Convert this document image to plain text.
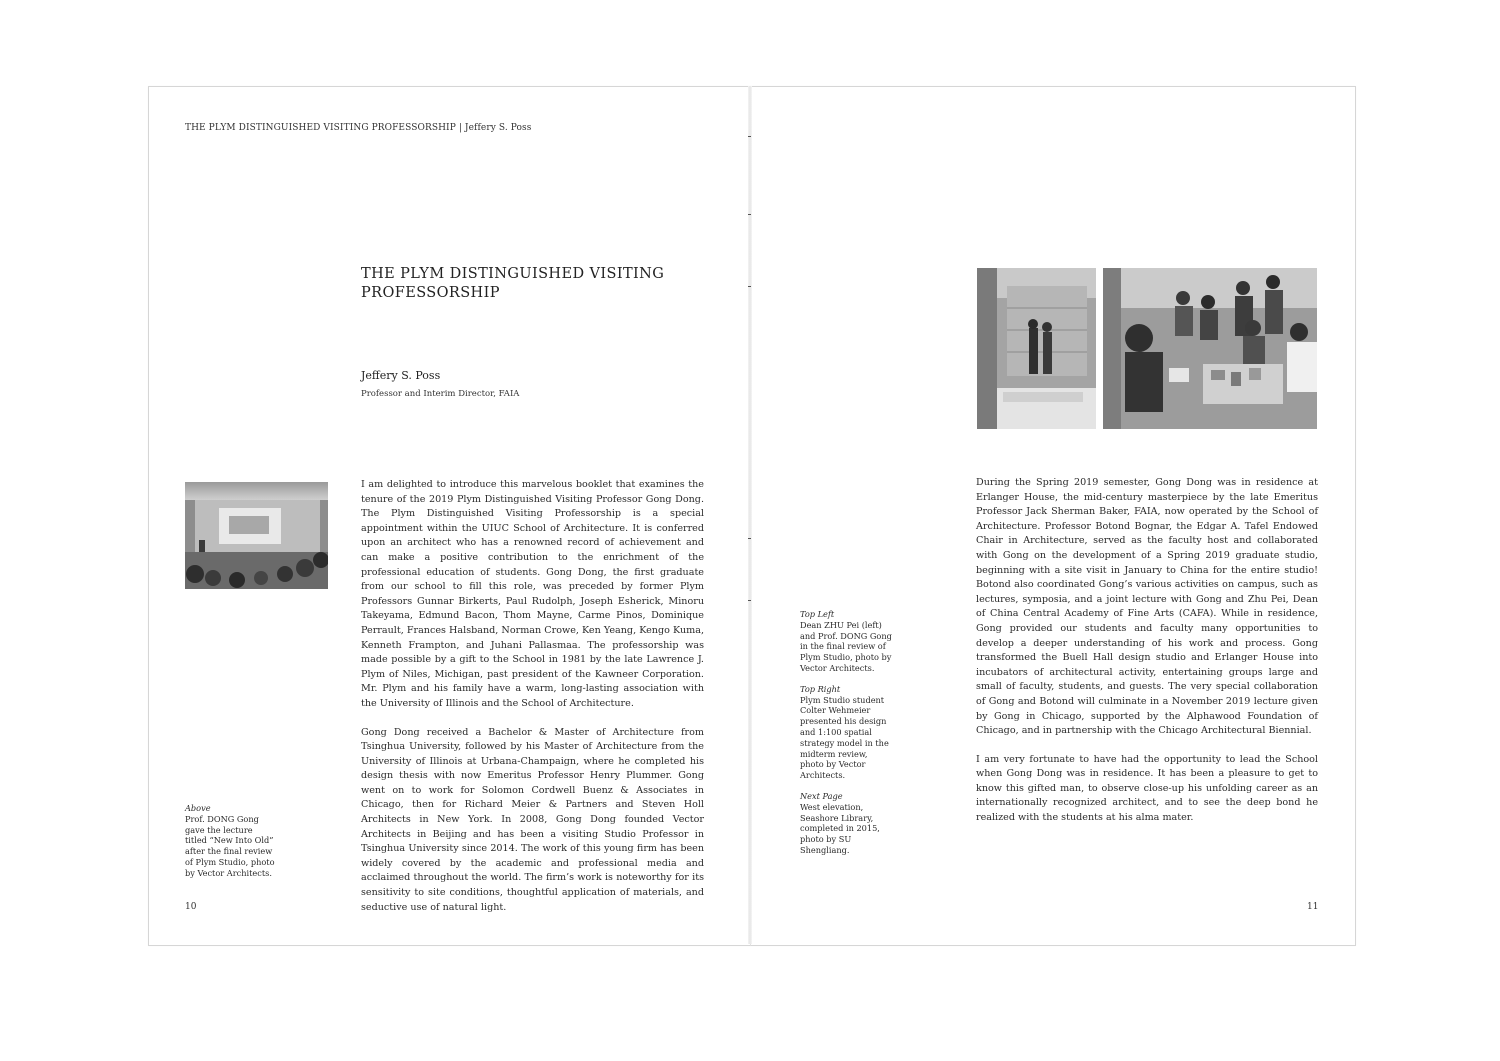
THE PLYM DISTINGUISHED VISITING PROFESSORSHIP | Jeffery S. Poss
THE PLYM DISTINGUISHED VISITING PROFESSORSHIP
Jeffery S. Poss
Professor and Interim Director, FAIA

I am delighted to introduce this marvelous booklet that examines the tenure of the 2019 Plym Distinguished Visiting Professor Gong Dong. The Plym Distinguished Visiting Professorship is a special appointment within the UIUC School of Architecture. It is conferred upon an architect who has a renowned record of achievement and can make a positive contribution to the enrichment of the professional education of students. Gong Dong, the first graduate from our school to fill this role, was preceded by former Plym Professors Gunnar Birkerts, Paul Rudolph, Joseph Esherick, Minoru Takeyama, Edmund Bacon, Thom Mayne, Carme Pinos, Dominique Perrault, Frances Halsband, Norman Crowe, Ken Yeang, Kengo Kuma, Kenneth Frampton, and Juhani Pallasmaa. The professorship was made possible by a gift to the School in 1981 by the late Lawrence J. Plym of Niles, Michigan, past president of the Kawneer Corporation. Mr. Plym and his family have a warm, long-lasting association with the University of Illinois and the School of Architecture.

Gong Dong received a Bachelor & Master of Architecture from Tsinghua University, followed by his Master of Architecture from the University of Illinois at Urbana-Champaign, where he completed his design thesis with now Emeritus Professor Henry Plummer. Gong went on to work for Solomon Cordwell Buenz & Associates in Chicago, then for Richard Meier & Partners and Steven Holl Architects in New York. In 2008, Gong Dong founded Vector Architects in Beijing and has been a visiting Studio Professor in Tsinghua University since 2014. The work of this young firm has been widely covered by the academic and professional media and acclaimed throughout the world. The firm’s work is noteworthy for its sensitivity to site conditions, thoughtful application of materials, and seductive use of natural light.

Above
Prof. DONG Gong gave the lecture titled “New Into Old” after the final review of Plym Studio, photo by Vector Architects.
10
Top Left
Dean ZHU Pei (left) and Prof. DONG Gong in the final review of Plym Studio, photo by Vector Architects.
Top Right
Plym Studio student Colter Wehmeier presented his design and 1:100 spatial strategy model in the midterm review, photo by Vector Architects.
Next Page
West elevation, Seashore Library, completed in 2015, photo by SU Shengliang.

During the Spring 2019 semester, Gong Dong was in residence at Erlanger House, the mid-century masterpiece by the late Emeritus Professor Jack Sherman Baker, FAIA, now operated by the School of Architecture. Professor Botond Bognar, the Edgar A. Tafel Endowed Chair in Architecture, served as the faculty host and collaborated with Gong on the development of a Spring 2019 graduate studio, beginning with a site visit in January to China for the entire studio! Botond also coordinated Gong’s various activities on campus, such as lectures, symposia, and a joint lecture with Gong and Zhu Pei, Dean of China Central Academy of Fine Arts (CAFA). While in residence, Gong provided our students and faculty many opportunities to develop a deeper understanding of his work and process. Gong transformed the Buell Hall design studio and Erlanger House into incubators of architectural activity, entertaining groups large and small of faculty, students, and guests. The very special collaboration of Gong and Botond will culminate in a November 2019 lecture given by Gong in Chicago, supported by the Alphawood Foundation of Chicago, and in partnership with the Chicago Architectural Biennial.

I am very fortunate to have had the opportunity to lead the School when Gong Dong was in residence. It has been a pleasure to get to know this gifted man, to observe close-up his unfolding career as an internationally recognized architect, and to see the deep bond he realized with the students at his alma mater.

11
